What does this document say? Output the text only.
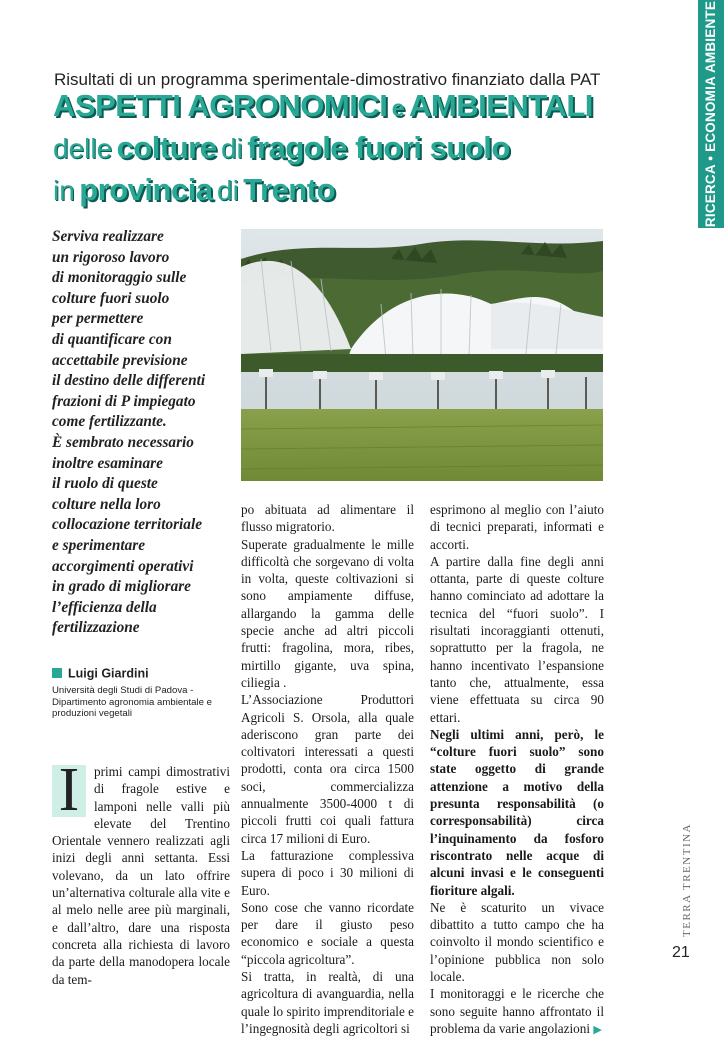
RICERCA • ECONOMIA AMBIENTE
Risultati di un programma sperimentale-dimostrativo finanziato dalla PAT
ASPETTI AGRONOMICI e AMBIENTALI
delle colture di fragole fuori suolo
in provincia di Trento

Serviva realizzare

un rigoroso lavoro

di monitoraggio sulle

colture fuori suolo

per permettere

di quantificare con

accettabile previsione

il destino delle differenti

frazioni di P impiegato

come fertilizzante.

È sembrato necessario

inoltre esaminare

il ruolo di queste

colture nella loro

collocazione territoriale

e sperimentare

accorgimenti operativi

in grado di migliorare

l’efficienza della

fertilizzazione

Luigi Giardini
Università degli Studi di Padova - Dipartimento agronomia ambientale e produzioni vegetali
I	primi campi dimostrativi di fragole estive e lamponi nelle valli più elevate del Trentino Orientale vennero realizzati agli inizi degli anni settanta. Essi volevano, da un lato offrire un’alternativa colturale alla vite e al melo nelle aree più marginali, e dall’altro, dare una risposta concreta alla richiesta di lavoro da parte della manodopera locale da tem-

po abituata ad alimentare il flusso migratorio.

Superate gradualmente le mille difficoltà che sorgevano di volta in volta, queste coltivazioni si sono ampiamente diffuse, allargando la gamma delle specie anche ad altri piccoli frutti: fragolina, mora, ribes, mirtillo gigante, uva spina, ciliegia .

L’Associazione Produttori Agricoli S. Orsola, alla quale aderiscono gran parte dei coltivatori interessati a questi prodotti, conta ora circa 1500 soci, commercializza annualmente 3500-4000 t di piccoli frutti coi quali fattura circa 17 milioni di Euro.

La fatturazione complessiva supera di poco i 30 milioni di Euro.

Sono cose che vanno ricordate per dare il giusto peso economico e sociale a questa “piccola agricoltura”.

Si tratta, in realtà, di una agricoltura di avanguardia, nella quale lo spirito imprenditoriale e l’ingegnosità degli agricoltori si

esprimono al meglio con l’aiuto di tecnici preparati, informati e accorti.

A partire dalla fine degli anni ottanta, parte di queste colture hanno cominciato ad adottare la tecnica del “fuori suolo”. I risultati incoraggianti ottenuti, soprattutto per la fragola, ne hanno incentivato l’espansione tanto che, attualmente, essa viene effettuata su circa 90 ettari.

Negli ultimi anni, però, le “colture fuori suolo” sono state oggetto di grande attenzione a motivo della presunta responsabilità (o corresponsabilità) circa l’inquinamento da fosforo riscontrato nelle acque di alcuni invasi e le conseguenti fioriture algali.

Ne è scaturito un vivace dibattito a tutto campo che ha coinvolto il mondo scientifico e l’opinione pubblica non solo locale.

I monitoraggi e le ricerche che sono seguite hanno affrontato il problema da varie angolazioni ▶

TERRA TRENTINA
21
